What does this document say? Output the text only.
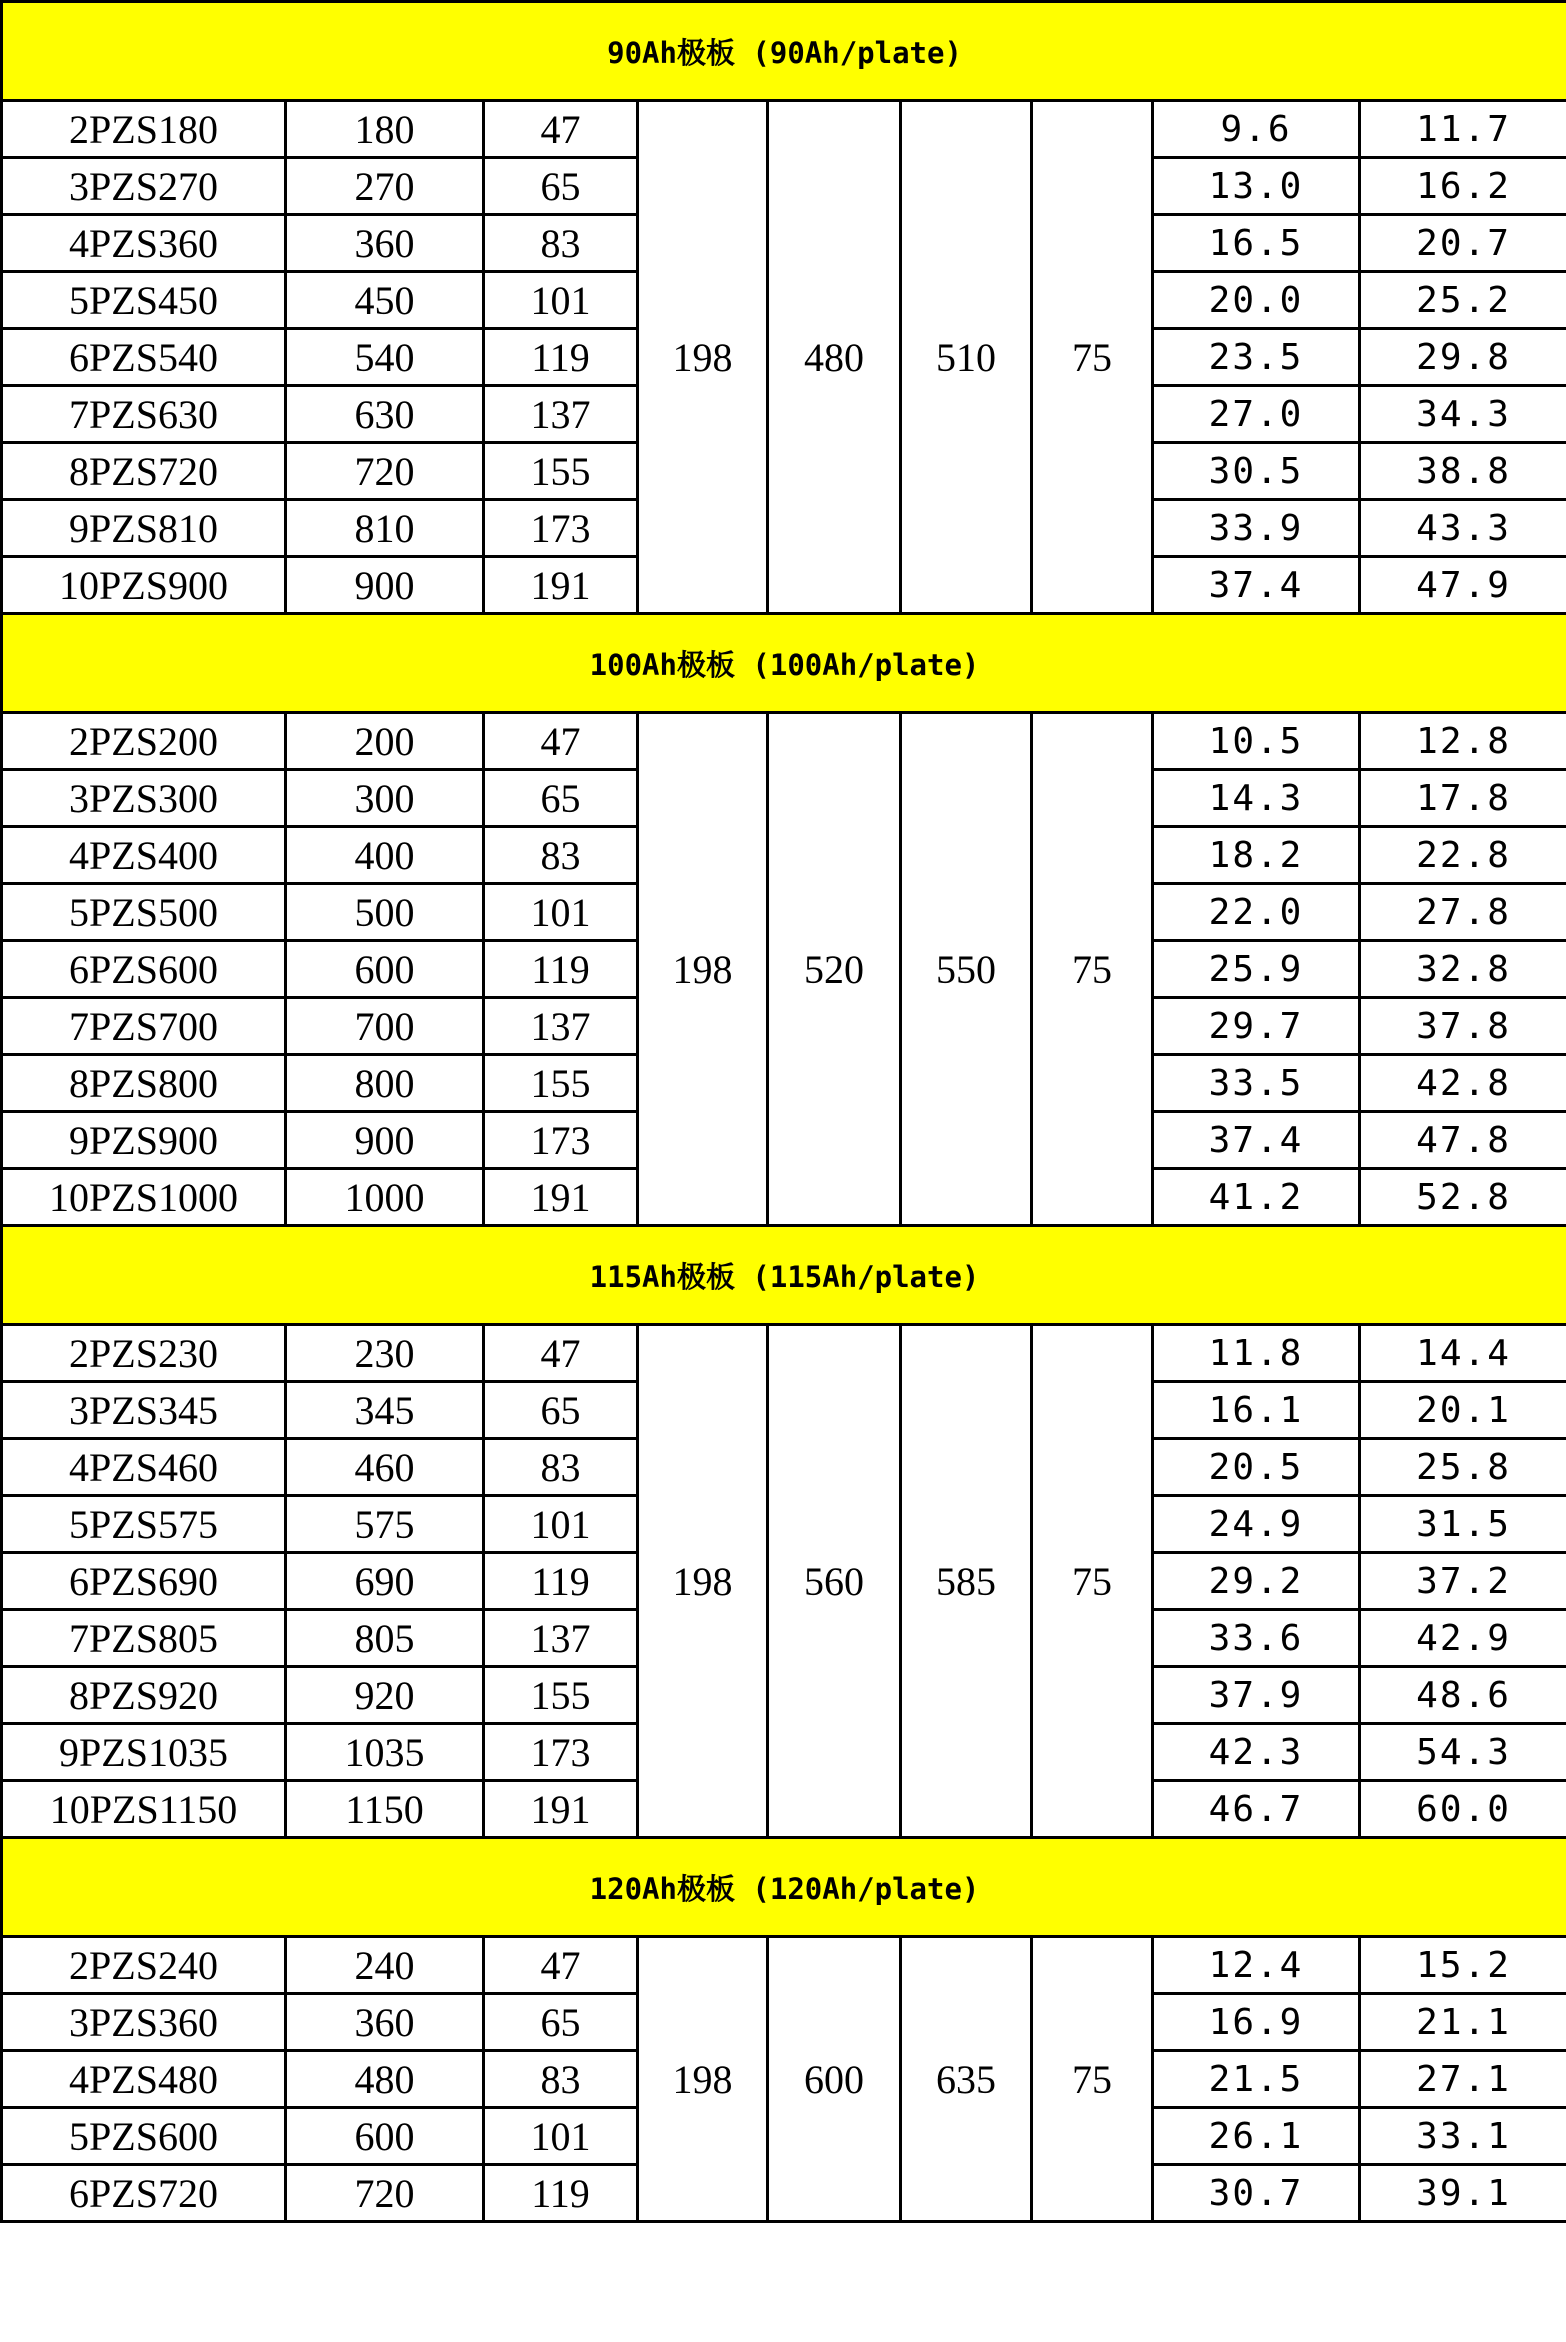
90Ah极板 (90Ah/plate)								
2PZS180	180	47	198	480	510	75	9.6	11.7
3PZS270	270	65					13.0	16.2
4PZS360	360	83					16.5	20.7
5PZS450	450	101					20.0	25.2
6PZS540	540	119					23.5	29.8
7PZS630	630	137					27.0	34.3
8PZS720	720	155					30.5	38.8
9PZS810	810	173					33.9	43.3
10PZS900	900	191					37.4	47.9
100Ah极板 (100Ah/plate)								
2PZS200	200	47	198	520	550	75	10.5	12.8
3PZS300	300	65					14.3	17.8
4PZS400	400	83					18.2	22.8
5PZS500	500	101					22.0	27.8
6PZS600	600	119					25.9	32.8
7PZS700	700	137					29.7	37.8
8PZS800	800	155					33.5	42.8
9PZS900	900	173					37.4	47.8
10PZS1000	1000	191					41.2	52.8
115Ah极板 (115Ah/plate)								
2PZS230	230	47	198	560	585	75	11.8	14.4
3PZS345	345	65					16.1	20.1
4PZS460	460	83					20.5	25.8
5PZS575	575	101					24.9	31.5
6PZS690	690	119					29.2	37.2
7PZS805	805	137					33.6	42.9
8PZS920	920	155					37.9	48.6
9PZS1035	1035	173					42.3	54.3
10PZS1150	1150	191					46.7	60.0
120Ah极板 (120Ah/plate)								
2PZS240	240	47	198	600	635	75	12.4	15.2
3PZS360	360	65					16.9	21.1
4PZS480	480	83					21.5	27.1
5PZS600	600	101					26.1	33.1
6PZS720	720	119					30.7	39.1
